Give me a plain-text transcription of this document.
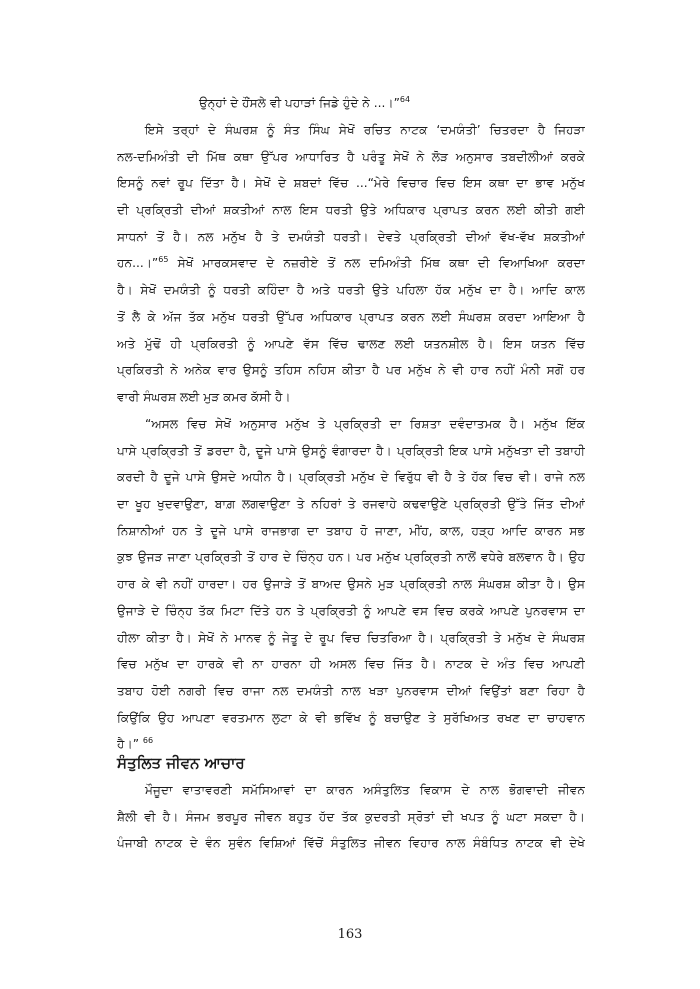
ਉਨ੍ਹਾਂ ਦੇ ਹੌਂਸਲੇ ਵੀ ਪਹਾੜਾਂ ਜਿਡੇ ਹੁੰਦੇ ਨੇ ...।”$^{64}$
ਇਸੇ ਤਰ੍ਹਾਂ ਦੇ ਸੰਘਰਸ਼ ਨੂੰ ਸੰਤ ਸਿੰਘ ਸੇਖੋਂ ਰਚਿਤ ਨਾਟਕ ‘ਦਮਯੰਤੀ’ ਚਿਤਰਦਾ ਹੈ ਜਿਹੜਾ
ਨਲ-ਦਮਿਅੰਤੀ ਦੀ ਮਿੱਥ ਕਥਾ ਉੱਪਰ ਆਧਾਰਿਤ ਹੈ ਪਰੰਤੂ ਸੇਖੋਂ ਨੇ ਲੋੜ ਅਨੁਸਾਰ ਤਬਦੀਲੀਆਂ ਕਰਕੇ
ਇਸਨੂੰ ਨਵਾਂ ਰੂਪ ਦਿੱਤਾ ਹੈ। ਸੇਖੋਂ ਦੇ ਸ਼ਬਦਾਂ ਵਿੱਚ ...“ਮੇਰੇ ਵਿਚਾਰ ਵਿਚ ਇਸ ਕਥਾ ਦਾ ਭਾਵ ਮਨੁੱਖ
ਦੀ ਪ੍ਰਕ੍ਰਿਤੀ ਦੀਆਂ ਸ਼ਕਤੀਆਂ ਨਾਲ ਇਸ ਧਰਤੀ ਉਤੇ ਅਧਿਕਾਰ ਪ੍ਰਾਪਤ ਕਰਨ ਲਈ ਕੀਤੀ ਗਈ
ਸਾਧਨਾਂ ਤੋਂ ਹੈ। ਨਲ ਮਨੁੱਖ ਹੈ ਤੇ ਦਮਯੰਤੀ ਧਰਤੀ। ਦੇਵਤੇ ਪ੍ਰਕ੍ਰਿਤੀ ਦੀਆਂ ਵੱਖ-ਵੱਖ ਸ਼ਕਤੀਆਂ
ਹਨ...।”$^{65}$ ਸੇਖੋਂ ਮਾਰਕਸਵਾਦ ਦੇ ਨਜ਼ਰੀਏ ਤੋਂ ਨਲ ਦਮਿਅੰਤੀ ਮਿੱਥ ਕਥਾ ਦੀ ਵਿਆਖਿਆ ਕਰਦਾ
ਹੈ। ਸੇਖੋਂ ਦਮਯੰਤੀ ਨੂੰ ਧਰਤੀ ਕਹਿੰਦਾ ਹੈ ਅਤੇ ਧਰਤੀ ਉਤੇ ਪਹਿਲਾ ਹੱਕ ਮਨੁੱਖ ਦਾ ਹੈ। ਆਦਿ ਕਾਲ
ਤੋਂ ਲੈ ਕੇ ਅੱਜ ਤੱਕ ਮਨੁੱਖ ਧਰਤੀ ਉੱਪਰ ਅਧਿਕਾਰ ਪ੍ਰਾਪਤ ਕਰਨ ਲਈ ਸੰਘਰਸ਼ ਕਰਦਾ ਆਇਆ ਹੈ
ਅਤੇ ਮੁੱਢੋਂ ਹੀ ਪ੍ਰਕਿਰਤੀ ਨੂੰ ਆਪਣੇ ਵੱਸ ਵਿੱਚ ਢਾਲਣ ਲਈ ਯਤਨਸ਼ੀਲ ਹੈ। ਇਸ ਯਤਨ ਵਿੱਚ
ਪ੍ਰਕਿਰਤੀ ਨੇ ਅਨੇਕ ਵਾਰ ਉਸਨੂੰ ਤਹਿਸ ਨਹਿਸ ਕੀਤਾ ਹੈ ਪਰ ਮਨੁੱਖ ਨੇ ਵੀ ਹਾਰ ਨਹੀਂ ਮੰਨੀ ਸਗੋਂ ਹਰ
ਵਾਰੀ ਸੰਘਰਸ਼ ਲਈ ਮੁੜ ਕਮਰ ਕੱਸੀ ਹੈ।
“ਅਸਲ ਵਿਚ ਸੇਖੋਂ ਅਨੁਸਾਰ ਮਨੁੱਖ ਤੇ ਪ੍ਰਕ੍ਰਿਤੀ ਦਾ ਰਿਸ਼ਤਾ ਦਵੰਦਾਤਮਕ ਹੈ। ਮਨੁੱਖ ਇੱਕ
ਪਾਸੇ ਪ੍ਰਕ੍ਰਿਤੀ ਤੋਂ ਡਰਦਾ ਹੈ, ਦੂਜੇ ਪਾਸੇ ਉਸਨੂੰ ਵੰਗਾਰਦਾ ਹੈ। ਪ੍ਰਕ੍ਰਿਤੀ ਇਕ ਪਾਸੇ ਮਨੁੱਖਤਾ ਦੀ ਤਬਾਹੀ
ਕਰਦੀ ਹੈ ਦੂਜੇ ਪਾਸੇ ਉਸਦੇ ਅਧੀਨ ਹੈ। ਪ੍ਰਕ੍ਰਿਤੀ ਮਨੁੱਖ ਦੇ ਵਿਰੁੱਧ ਵੀ ਹੈ ਤੇ ਹੱਕ ਵਿਚ ਵੀ। ਰਾਜੇ ਨਲ
ਦਾ ਖੂਹ ਖੁਦਵਾਉਣਾ, ਬਾਗ਼ ਲਗਵਾਉਣਾ ਤੇ ਨਹਿਰਾਂ ਤੇ ਰਜਵਾਹੇ ਕਢਵਾਉਣੇ ਪ੍ਰਕ੍ਰਿਤੀ ਉੱਤੇ ਜਿੱਤ ਦੀਆਂ
ਨਿਸ਼ਾਨੀਆਂ ਹਨ ਤੇ ਦੂਜੇ ਪਾਸੇ ਰਾਜਭਾਗ ਦਾ ਤਬਾਹ ਹੋ ਜਾਣਾ, ਮੀਂਹ, ਕਾਲ, ਹੜ੍ਹ ਆਦਿ ਕਾਰਨ ਸਭ
ਕੁਝ ਉਜੜ ਜਾਣਾ ਪ੍ਰਕ੍ਰਿਤੀ ਤੋਂ ਹਾਰ ਦੇ ਚਿੰਨ੍ਹ ਹਨ। ਪਰ ਮਨੁੱਖ ਪ੍ਰਕ੍ਰਿਤੀ ਨਾਲੋਂ ਵਧੇਰੇ ਬਲਵਾਨ ਹੈ। ਉਹ
ਹਾਰ ਕੇ ਵੀ ਨਹੀਂ ਹਾਰਦਾ। ਹਰ ਉਜਾੜੇ ਤੋਂ ਬਾਅਦ ਉਸਨੇ ਮੁੜ ਪ੍ਰਕ੍ਰਿਤੀ ਨਾਲ ਸੰਘਰਸ਼ ਕੀਤਾ ਹੈ। ਉਸ
ਉਜਾੜੇ ਦੇ ਚਿੰਨ੍ਹ ਤੱਕ ਮਿਟਾ ਦਿੱਤੇ ਹਨ ਤੇ ਪ੍ਰਕ੍ਰਿਤੀ ਨੂੰ ਆਪਣੇ ਵਸ ਵਿਚ ਕਰਕੇ ਆਪਣੇ ਪੁਨਰਵਾਸ ਦਾ
ਹੀਲਾ ਕੀਤਾ ਹੈ। ਸੇਖੋਂ ਨੇ ਮਾਨਵ ਨੂੰ ਜੇਤੂ ਦੇ ਰੂਪ ਵਿਚ ਚਿਤਰਿਆ ਹੈ। ਪ੍ਰਕ੍ਰਿਤੀ ਤੇ ਮਨੁੱਖ ਦੇ ਸੰਘਰਸ਼
ਵਿਚ ਮਨੁੱਖ ਦਾ ਹਾਰਕੇ ਵੀ ਨਾ ਹਾਰਨਾ ਹੀ ਅਸਲ ਵਿਚ ਜਿੱਤ ਹੈ। ਨਾਟਕ ਦੇ ਅੰਤ ਵਿਚ ਆਪਣੀ
ਤਬਾਹ ਹੋਈ ਨਗਰੀ ਵਿਚ ਰਾਜਾ ਨਲ ਦਮਯੰਤੀ ਨਾਲ ਖੜਾ ਪੁਨਰਵਾਸ ਦੀਆਂ ਵਿਉਂਤਾਂ ਬਣਾ ਰਿਹਾ ਹੈ
ਕਿਉਂਕਿ ਉਹ ਆਪਣਾ ਵਰਤਮਾਨ ਲੁਟਾ ਕੇ ਵੀ ਭਵਿੱਖ ਨੂੰ ਬਚਾਉਣ ਤੇ ਸੁਰੱਖਿਅਤ ਰਖਣ ਦਾ ਚਾਹਵਾਨ
ਹੈ।” $^{66}$
ਸੰਤੁਲਿਤ ਜੀਵਨ ਆਚਾਰ
ਮੌਜੂਦਾ ਵਾਤਾਵਰਣੀ ਸਮੱਸਿਆਵਾਂ ਦਾ ਕਾਰਨ ਅਸੰਤੁਲਿਤ ਵਿਕਾਸ ਦੇ ਨਾਲ ਭੋਗਵਾਦੀ ਜੀਵਨ
ਸ਼ੈਲੀ ਵੀ ਹੈ। ਸੰਜਮ ਭਰਪੂਰ ਜੀਵਨ ਬਹੁਤ ਹੱਦ ਤੱਕ ਕੁਦਰਤੀ ਸ੍ਰੋਤਾਂ ਦੀ ਖਪਤ ਨੂੰ ਘਟਾ ਸਕਦਾ ਹੈ।
ਪੰਜਾਬੀ ਨਾਟਕ ਦੇ ਵੰਨ ਸੁਵੰਨ ਵਿਸ਼ਿਆਂ ਵਿੱਚੋਂ ਸੰਤੁਲਿਤ ਜੀਵਨ ਵਿਹਾਰ ਨਾਲ ਸੰਬੰਧਿਤ ਨਾਟਕ ਵੀ ਦੇਖੇ
163
